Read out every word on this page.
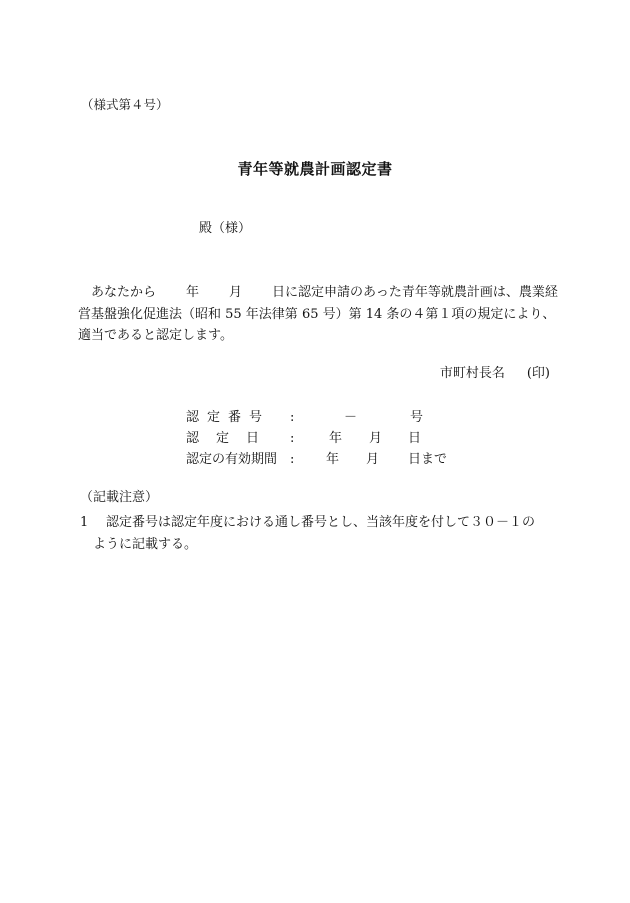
（様式第４号）
青年等就農計画認定書
殿（様）
あなたから 年 月 日に認定申請のあった青年等就農計画は、農業経
営基盤強化促進法（昭和 55 年法律第 65 号）第 14 条の４第１項の規定により、
適当であると認定します。
市町村長名 (印)
認定番号 :	－	号
認定日 :	年 月 日
認定の有効期間 : 年 月 日まで
（記載注意）
1	認定番号は認定年度における通し番号とし、当該年度を付して３０－１の
ように記載する。
